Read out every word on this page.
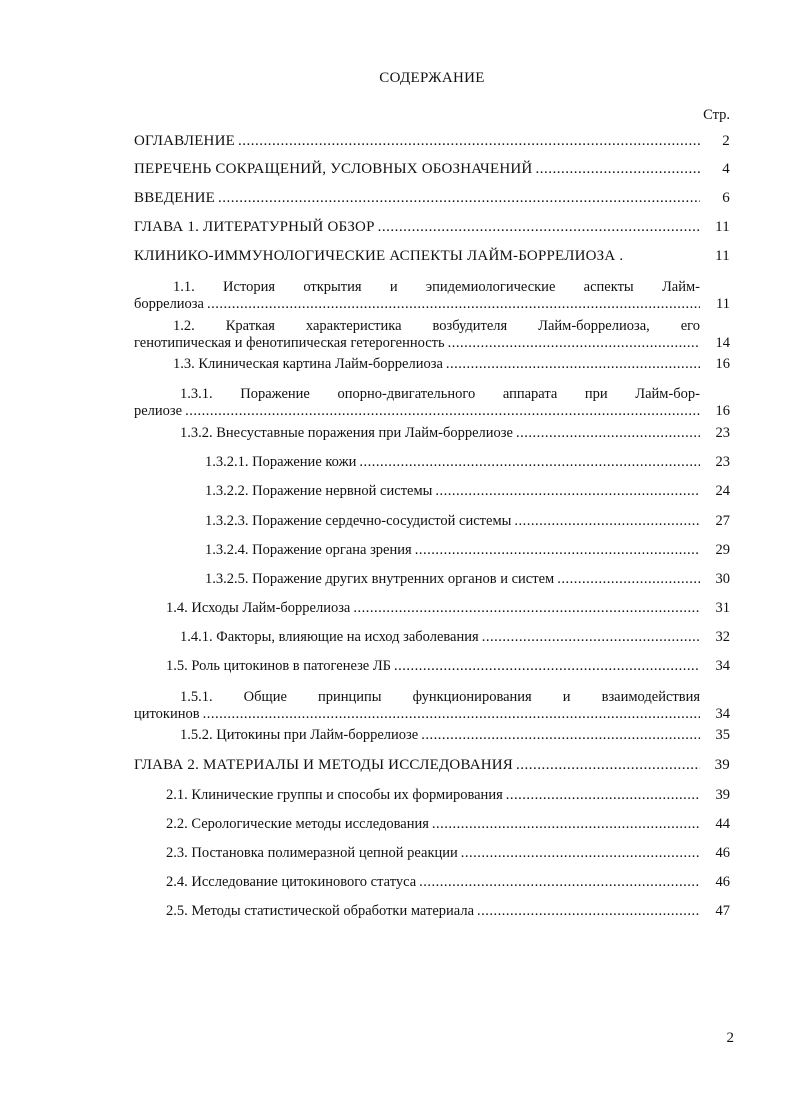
СОДЕРЖАНИЕ
Стр.
ОГЛАВЛЕНИЕ .....	2
ПЕРЕЧЕНЬ СОКРАЩЕНИЙ, УСЛОВНЫХ ОБОЗНАЧЕНИЙ .....	4
ВВЕДЕНИЕ .....	6
ГЛАВА 1. ЛИТЕРАТУРНЫЙ ОБЗОР .....	11
КЛИНИКО-ИММУНОЛОГИЧЕСКИЕ АСПЕКТЫ ЛАЙМ-БОРРЕЛИОЗА .	11
1.1. История открытия и эпидемиологические аспекты Лайм-
боррелиоза .....	11
1.2. Краткая характеристика возбудителя Лайм-боррелиоза, его
генотипическая и фенотипическая гетерогенность .....	14
1.3. Клиническая картина Лайм-боррелиоза .....	16
1.3.1. Поражение опорно-двигательного аппарата при Лайм-бор-
релиозе .....	16
1.3.2. Внесуставные поражения при Лайм-боррелиозе .....	23
1.3.2.1. Поражение кожи .....	23
1.3.2.2. Поражение нервной системы .....	24
1.3.2.3. Поражение сердечно-сосудистой системы .....	27
1.3.2.4. Поражение органа зрения .....	29
1.3.2.5. Поражение других внутренних органов и систем .....	30
1.4. Исходы Лайм-боррелиоза .....	31
1.4.1. Факторы, влияющие на исход заболевания .....	32
1.5. Роль цитокинов в патогенезе ЛБ .....	34
1.5.1. Общие принципы функционирования и взаимодействия
цитокинов .....	34
1.5.2. Цитокины при Лайм-боррелиозе .....	35
ГЛАВА 2. МАТЕРИАЛЫ И МЕТОДЫ ИССЛЕДОВАНИЯ .....	39
2.1. Клинические группы и способы их формирования .....	39
2.2. Серологические методы исследования .....	44
2.3. Постановка полимеразной цепной реакции .....	46
2.4. Исследование цитокинового статуса .....	46
2.5. Методы статистической обработки материала .....	47
2
